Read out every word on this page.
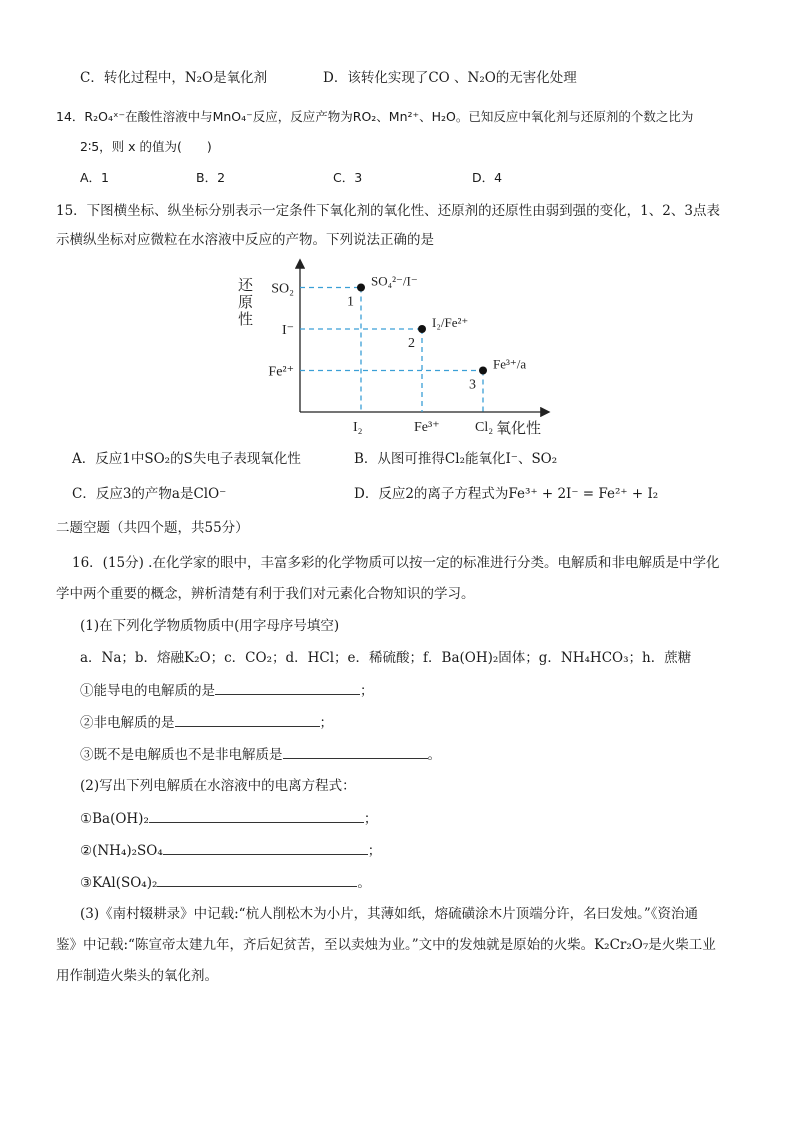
C．转化过程中，N₂O是氧化剂	D．该转化实现了CO 、N₂O的无害化处理
14．R₂O₄ˣ⁻在酸性溶液中与MnO₄⁻反应，反应产物为RO₂、Mn²⁺、H₂O。已知反应中氧化剂与还原剂的个数之比为
2∶5，则 x 的值为(　　)
A．1	B．2	C．3	D．4
15．下图横坐标、纵坐标分别表示一定条件下氧化剂的氧化性、还原剂的还原性由弱到强的变化，1、2、3点表
示横纵坐标对应微粒在水溶液中反应的产物。下列说法正确的是
还原性
氧化性
I₂	Fe³⁺	Cl₂
Fe²⁺
I⁻
SO₂
1
SO₄²⁻/I⁻
2
I₂/Fe²⁺
3
Fe³⁺/a
A．反应1中SO₂的S失电子表现氧化性	B．从图可推得Cl₂能氧化I⁻、SO₂
C．反应3的产物a是ClO⁻	D．反应2的离子方程式为Fe³⁺ + 2I⁻ = Fe²⁺ + I₂
二题空题（共四个题，共55分）
16．(15分) .在化学家的眼中，丰富多彩的化学物质可以按一定的标准进行分类。电解质和非电解质是中学化
学中两个重要的概念，辨析清楚有利于我们对元素化合物知识的学习。
(1)在下列化学物质物质中(用字母序号填空)
a．Na；b．熔融K₂O；c．CO₂；d．HCl；e．稀硫酸；f．Ba(OH)₂固体；g．NH₄HCO₃；h．蔗糖
①能导电的电解质的是	；
②非电解质的是	；
③既不是电解质也不是非电解质是	。
(2)写出下列电解质在水溶液中的电离方程式：
①Ba(OH)₂	；
②(NH₄)₂SO₄	；
③KAl(SO₄)₂	。
(3)《南村辍耕录》中记载:“杭人削松木为小片，其薄如纸，熔硫磺涂木片顶端分许，名曰发烛。”《资治通
鉴》中记载:“陈宣帝太建九年，齐后妃贫苦，至以卖烛为业。”文中的发烛就是原始的火柴。K₂Cr₂O₇是火柴工业
用作制造火柴头的氧化剂。
